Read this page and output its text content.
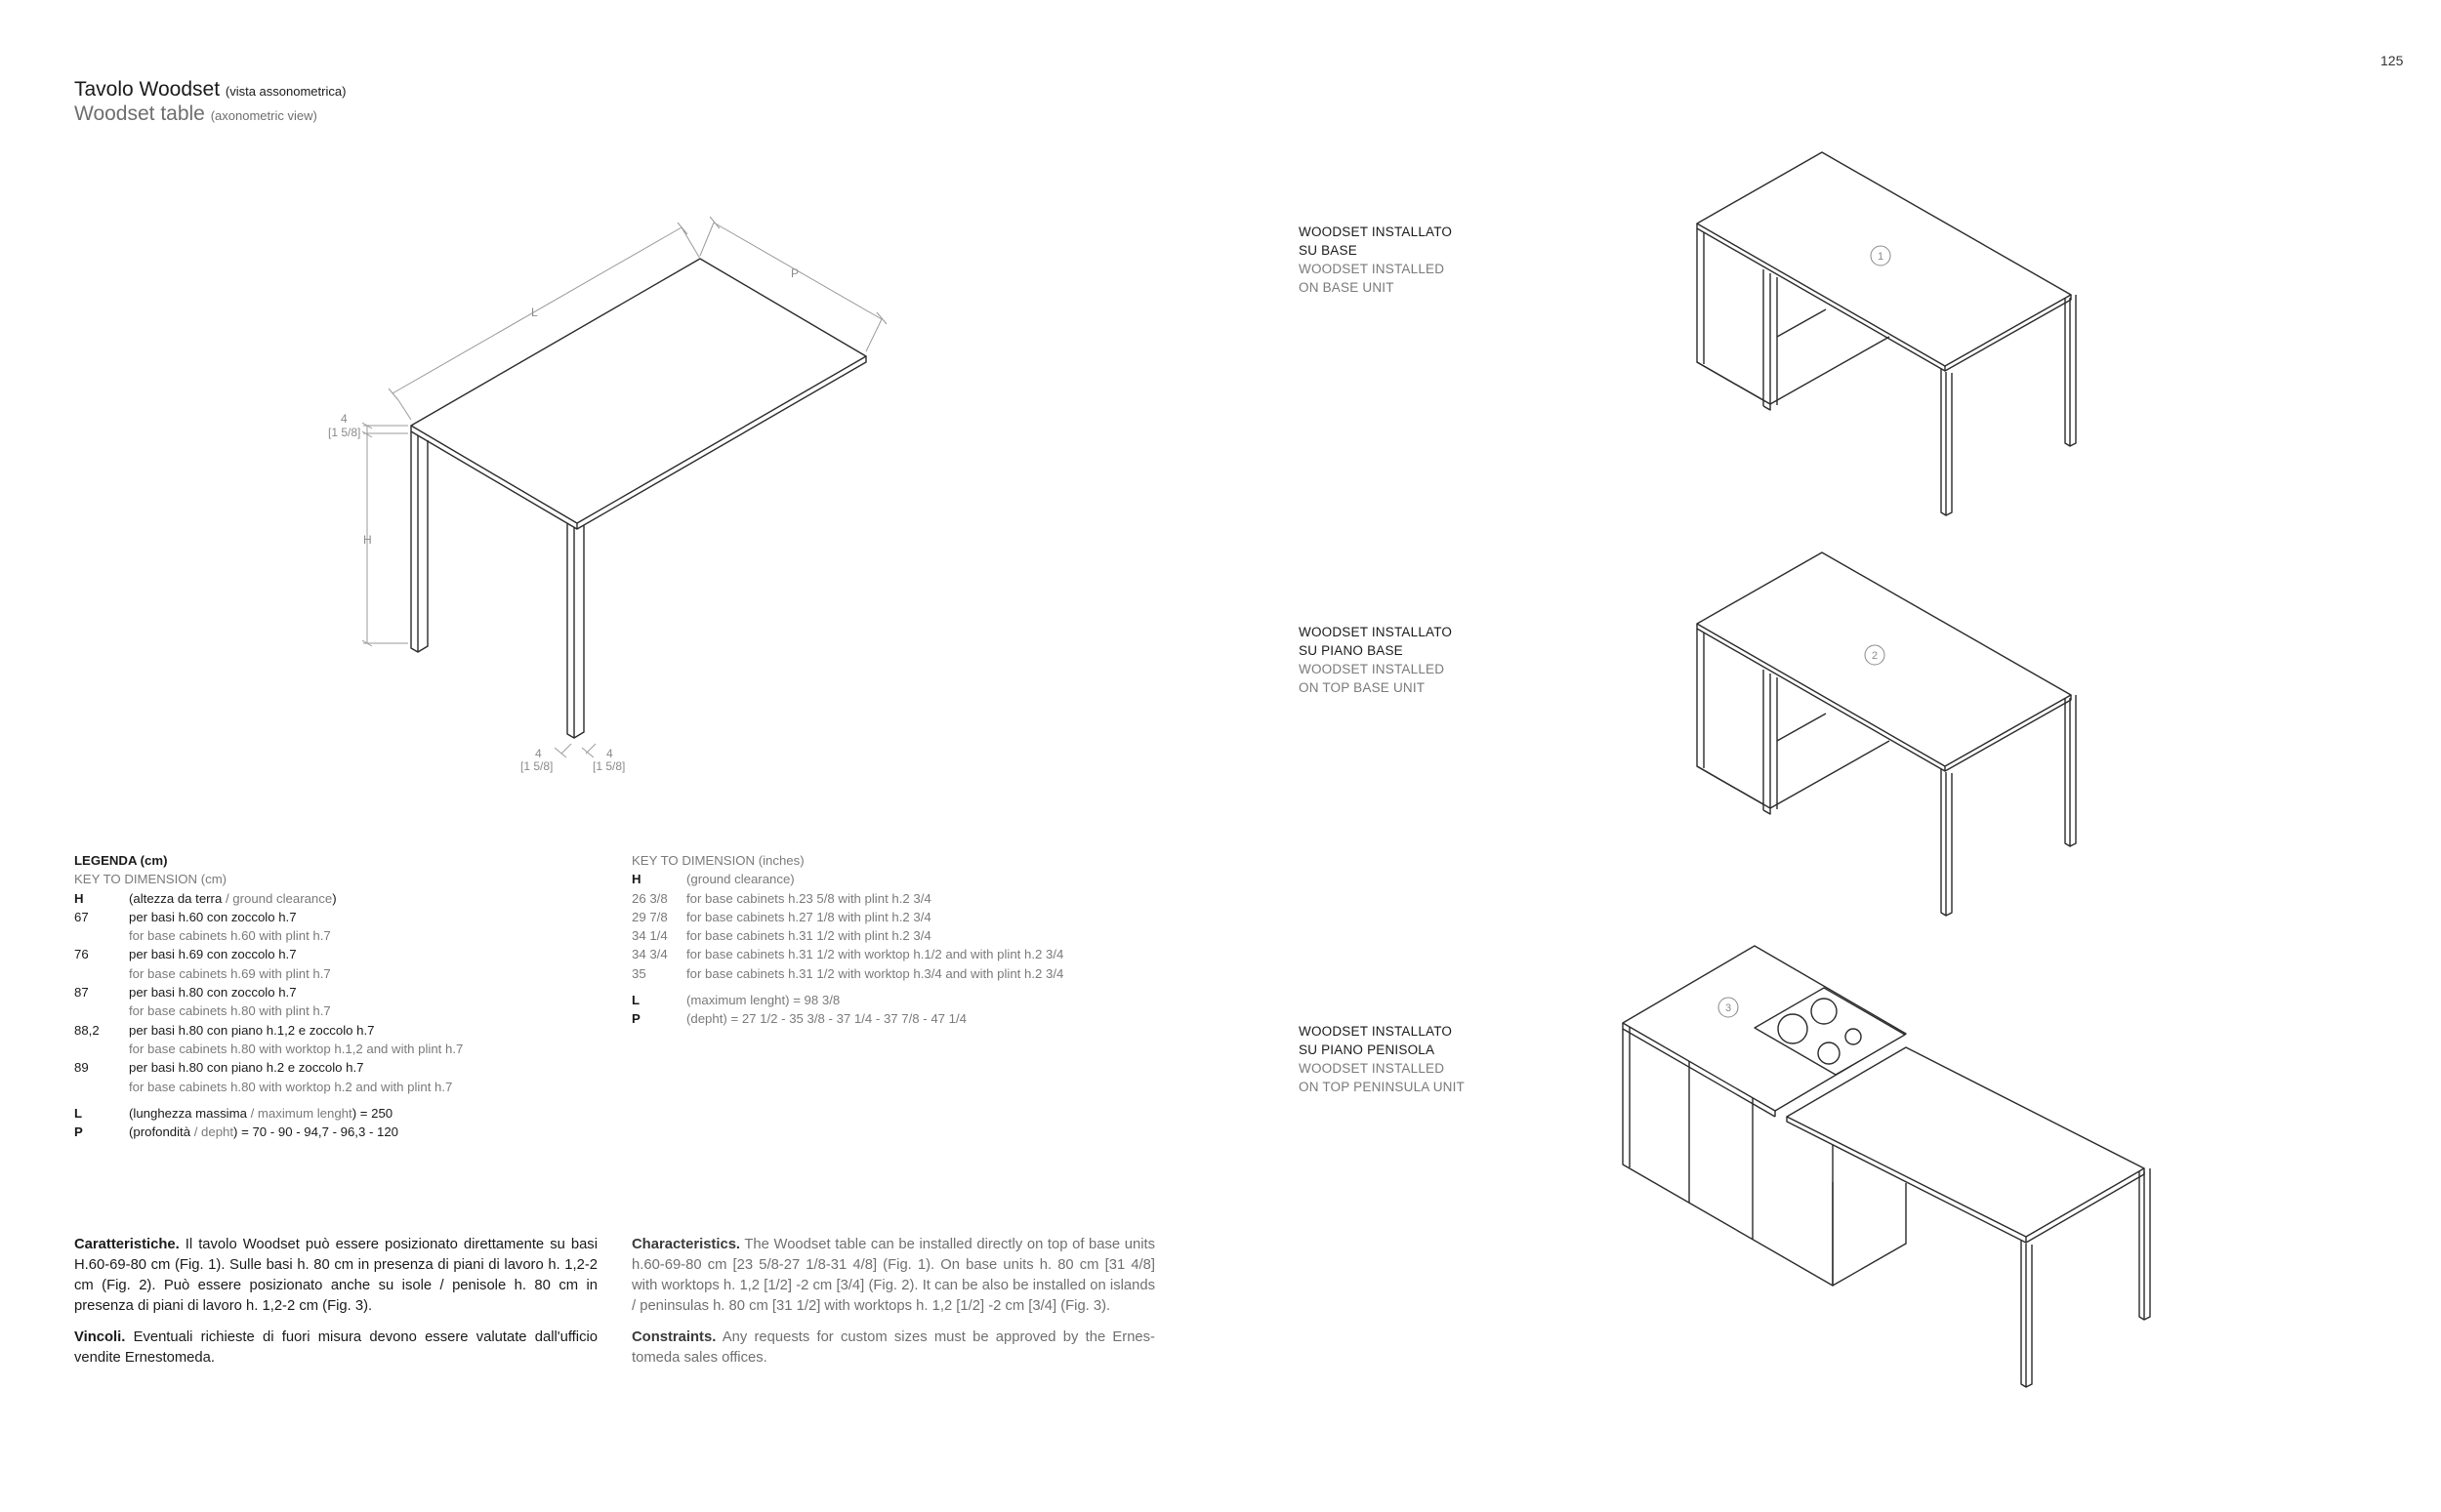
125
Tavolo Woodset (vista assonometrica)
Woodset table (axonometric view)
L
P
H
4
[1 5/8]
4
[1 5/8]
4
[1 5/8]
1
2
3
WOODSET INSTALLATO
SU BASE
WOODSET INSTALLED
ON BASE UNIT
WOODSET INSTALLATO
SU PIANO BASE
WOODSET INSTALLED
ON TOP BASE UNIT
WOODSET INSTALLATO
SU PIANO PENISOLA
WOODSET INSTALLED
ON TOP PENINSULA UNIT
LEGENDA (cm)
KEY TO DIMENSION (cm)
H	(altezza da terra / ground clearance)
67	per basi h.60 con zoccolo h.7
for base cabinets h.60 with plint h.7
76	per basi h.69 con zoccolo h.7
for base cabinets h.69 with plint h.7
87	per basi h.80 con zoccolo h.7
for base cabinets h.80 with plint h.7
88,2	per basi h.80 con piano h.1,2 e zoccolo h.7
for base cabinets h.80 with worktop h.1,2 and with plint h.7
89	per basi h.80 con piano h.2 e zoccolo h.7
for base cabinets h.80 with worktop h.2 and with plint h.7
L	(lunghezza massima / maximum lenght) = 250
P	(profondità / depht) = 70 - 90 - 94,7 - 96,3 - 120
KEY TO DIMENSION (inches)
H	(ground clearance)
26 3/8	for base cabinets h.23 5/8 with plint h.2 3/4
29 7/8	for base cabinets h.27 1/8 with plint h.2 3/4
34 1/4	for base cabinets h.31 1/2 with plint h.2 3/4
34 3/4	for base cabinets h.31 1/2 with worktop h.1/2 and with plint h.2 3/4
35	for base cabinets h.31 1/2 with worktop h.3/4 and with plint h.2 3/4
L	(maximum lenght) = 98 3/8
P	(depht) = 27 1/2 - 35 3/8 - 37 1/4 - 37 7/8 - 47 1/4

Caratteristiche. Il tavolo Woodset può essere posizionato direttamente su basi H.60-69-80 cm (Fig. 1). Sulle basi h. 80 cm in presenza di piani di lavoro h. 1,2-2 cm (Fig. 2). Può essere posizionato anche su isole / penisole h. 80 cm in presenza di piani di lavoro h. 1,2-2 cm (Fig. 3).

Vincoli. Eventuali richieste di fuori misura devono essere valutate dall'ufficio vendite Ernestomeda.

Characteristics. The Woodset table can be installed directly on top of base units h.60-69-80 cm [23 5/8-27 1/8-31 4/8] (Fig. 1). On base units h. 80 cm [31 4/8] with worktops h. 1,2 [1/2] -2 cm [3/4] (Fig. 2). It can be also be installed on islands / peninsulas h. 80 cm [31 1/2] with worktops h. 1,2 [1/2] -2 cm [3/4] (Fig. 3).

Constraints. Any requests for custom sizes must be approved by the Ernes-tomeda sales offices.
